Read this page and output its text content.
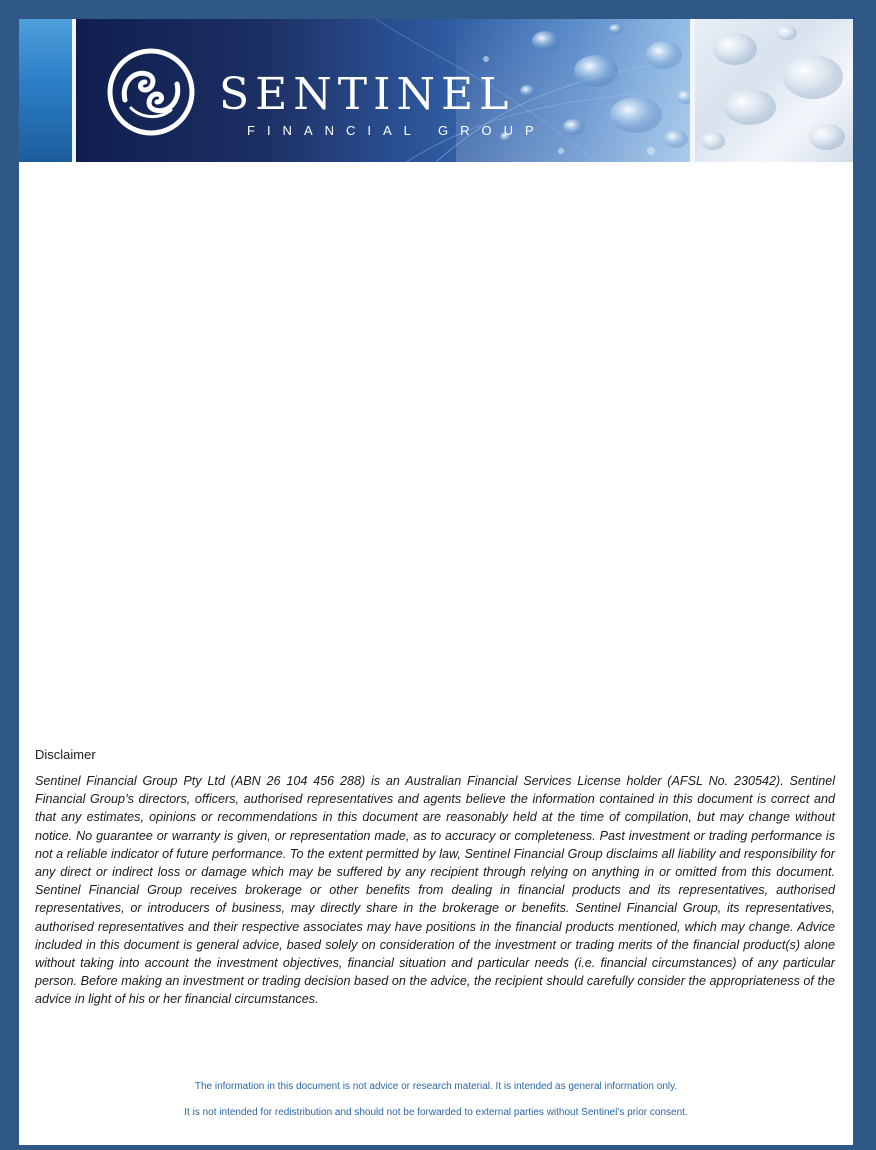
SENTINEL
FINANCIAL GROUP
Disclaimer

Sentinel Financial Group Pty Ltd (ABN 26 104 456 288) is an Australian Financial Services License holder (AFSL No. 230542). Sentinel Financial Group’s directors, officers, authorised representatives and agents believe the information contained in this document is correct and that any estimates, opinions or recommendations in this document are reasonably held at the time of compilation, but may change without notice. No guarantee or warranty is given, or representation made, as to accuracy or completeness. Past investment or trading performance is not a reliable indicator of future performance. To the extent permitted by law, Sentinel Financial Group disclaims all liability and responsibility for any direct or indirect loss or damage which may be suffered by any recipient through relying on anything in or omitted from this document. Sentinel Financial Group receives brokerage or other benefits from dealing in financial products and its representatives, authorised representatives, or introducers of business, may directly share in the brokerage or benefits. Sentinel Financial Group, its representatives, authorised representatives and their respective associates may have positions in the financial products mentioned, which may change. Advice included in this document is general advice, based solely on consideration of the investment or trading merits of the financial product(s) alone without taking into account the investment objectives, financial situation and particular needs (i.e. financial circumstances) of any particular person. Before making an investment or trading decision based on the advice, the recipient should carefully consider the appropriateness of the advice in light of his or her financial circumstances.

The information in this document is not advice or research material. It is intended as general information only.
It is not intended for redistribution and should not be forwarded to external parties without Sentinel’s prior consent.
